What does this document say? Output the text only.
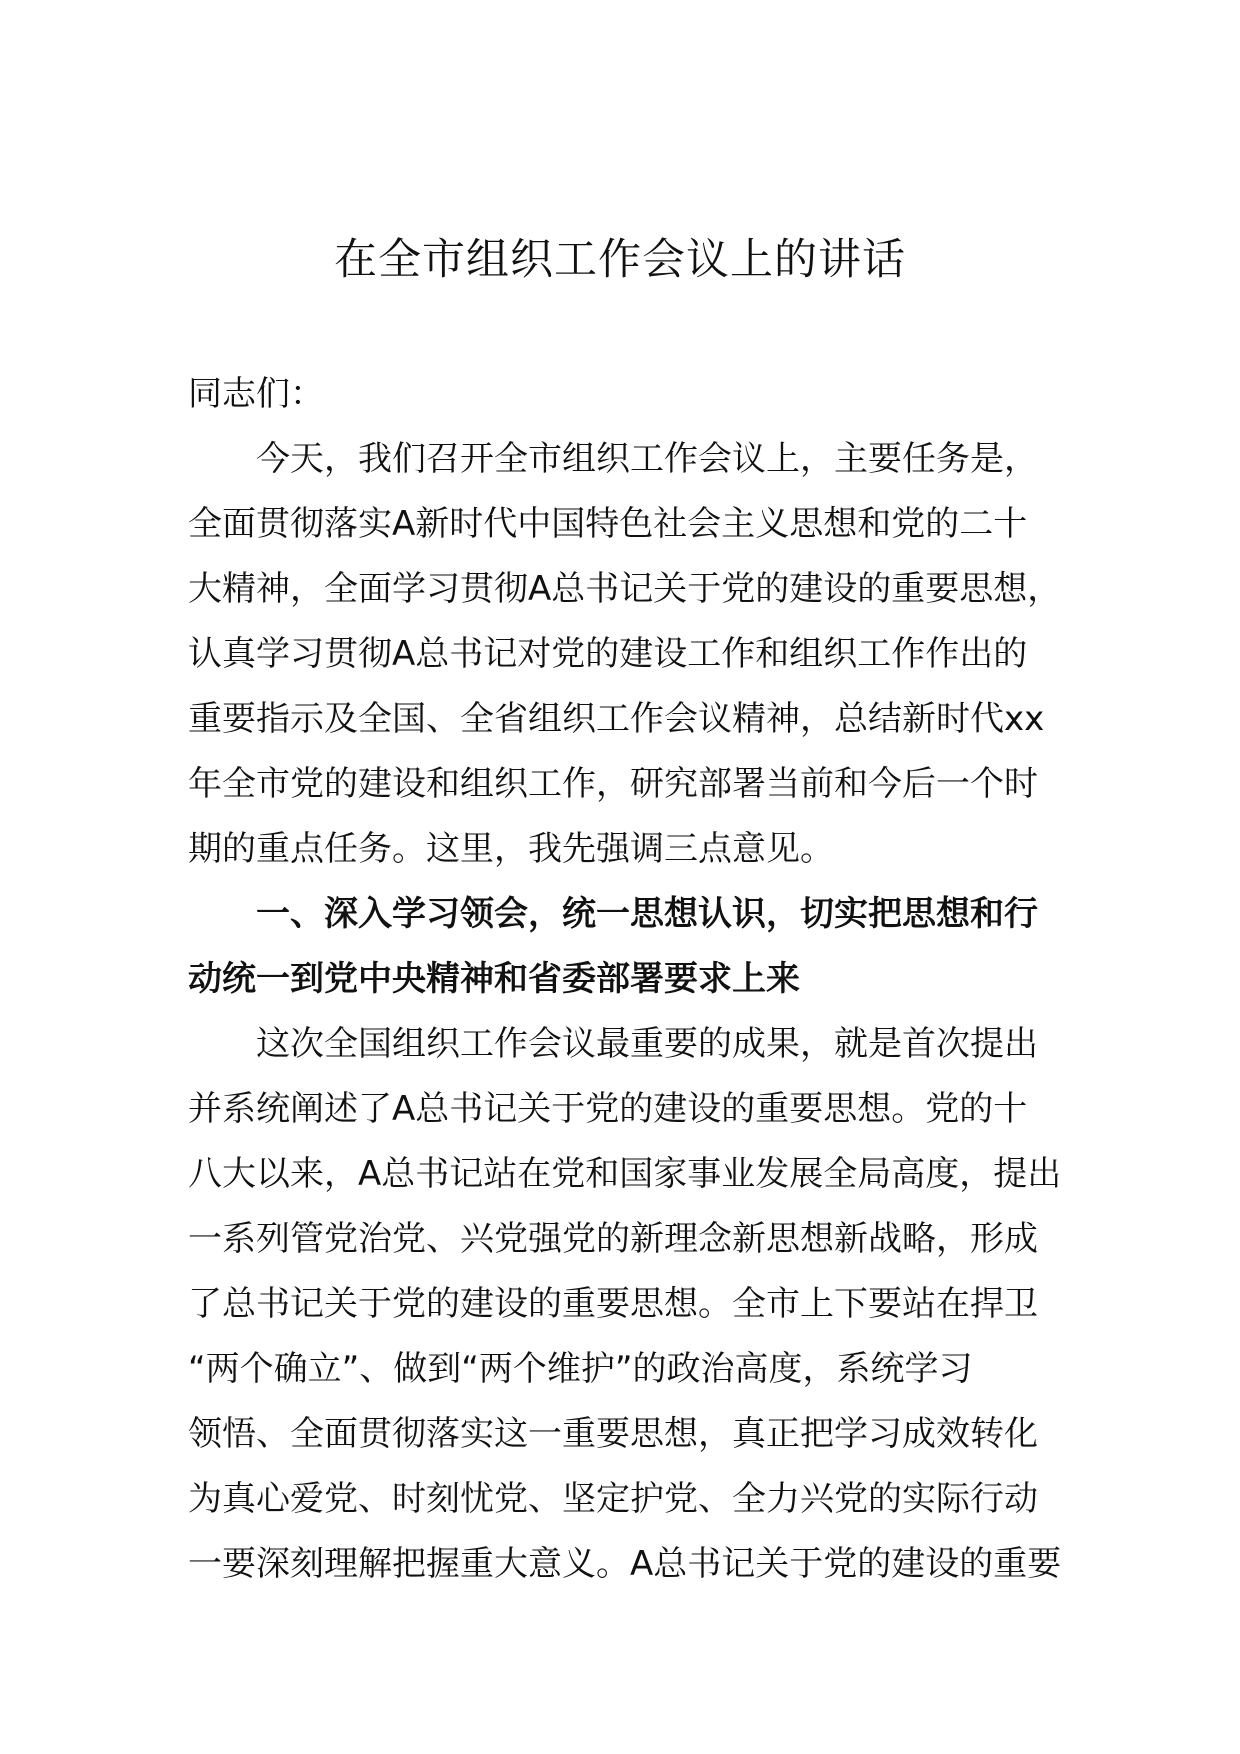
在全市组织工作会议上的讲话
同志们：
今天，我们召开全市组织工作会议上，主要任务是，
全面贯彻落实A新时代中国特色社会主义思想和党的二十
大精神，全面学习贯彻A总书记关于党的建设的重要思想，
认真学习贯彻A总书记对党的建设工作和组织工作作出的
重要指示及全国、全省组织工作会议精神，总结新时代xx
年全市党的建设和组织工作，研究部署当前和今后一个时
期的重点任务。这里，我先强调三点意见。
一、深入学习领会，统一思想认识，切实把思想和行
动统一到党中央精神和省委部署要求上来
这次全国组织工作会议最重要的成果，就是首次提出
并系统阐述了A总书记关于党的建设的重要思想。党的十
八大以来，A总书记站在党和国家事业发展全局高度，提出
一系列管党治党、兴党强党的新理念新思想新战略，形成
了总书记关于党的建设的重要思想。全市上下要站在捍卫
“两个确立”、做到“两个维护”的政治高度，系统学习
领悟、全面贯彻落实这一重要思想，真正把学习成效转化
为真心爱党、时刻忧党、坚定护党、全力兴党的实际行动
一要深刻理解把握重大意义。A总书记关于党的建设的重要
